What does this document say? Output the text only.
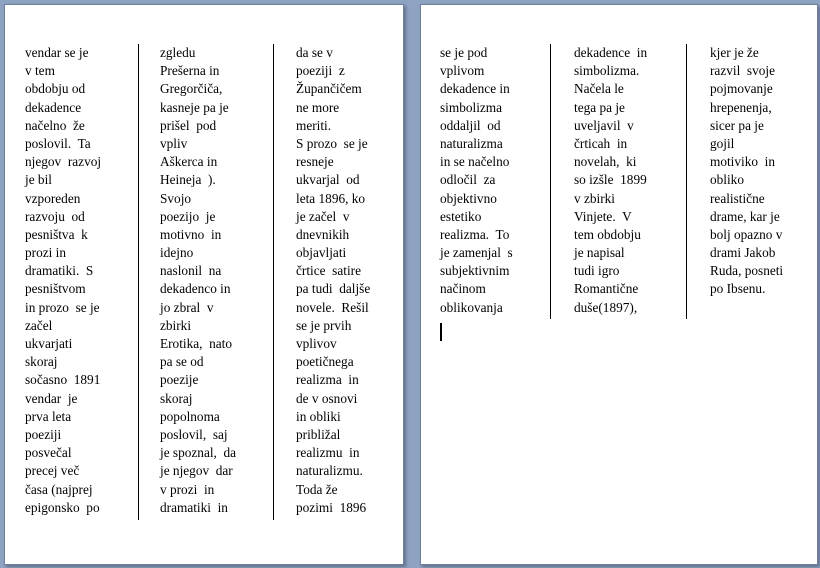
vendar se je
v tem
obdobju od
dekadence
načelno  že
poslovil.  Ta
njegov  razvoj
je bil
vzporeden
razvoju  od
pesništva  k
prozi in
dramatiki.  S
pesništvom
in prozo  se je
začel
ukvarjati
skoraj
sočasno  1891
vendar  je
prva leta
poeziji
posvečal
precej več
časa (najprej
epigonsko  po
zgledu
Prešerna in
Gregorčiča,
kasneje pa je
prišel  pod
vpliv
Aškerca in
Heineja  ).
Svojo
poezijo  je
motivno  in
idejno
naslonil  na
dekadenco in
jo zbral  v
zbirki
Erotika,  nato
pa se od
poezije
skoraj
popolnoma
poslovil,  saj
je spoznal,  da
je njegov  dar
v prozi  in
dramatiki  in
da se v
poeziji  z
Župančičem
ne more
meriti.
S prozo  se je
resneje
ukvarjal  od
leta 1896, ko
je začel  v
dnevnikih
objavljati
črtice  satire
pa tudi  dalјše
novele.  Rešil
se je prvih
vplivov
poetičnega
realizma  in
de v osnovi
in obliki
približal
realizmu  in
naturalizmu.
Toda že
pozimi  1896
se je pod
vplivom
dekadence in
simbolizma
oddaljil  od
naturalizma
in se načelno
odločil  za
objektivno
estetiko
realizma.  To
je zamenjal  s
subjektivnim
načinom
oblikovanja
dekadence  in
simbolizma.
Načela le
tega pa je
uveljavil  v
črticah  in
novelah,  ki
so izšle  1899
v zbirki
Vinjete.  V
tem obdobju
je napisal
tudi igro
Romantične
duše(1897),
kjer je že
razvil  svoje
pojmovanje
hrepenenja,
sicer pa je
gojil
motiviko  in
obliko
realistične
drame, kar je
bolj opazno v
drami Jakob
Ruda, posneti
po Ibsenu.
